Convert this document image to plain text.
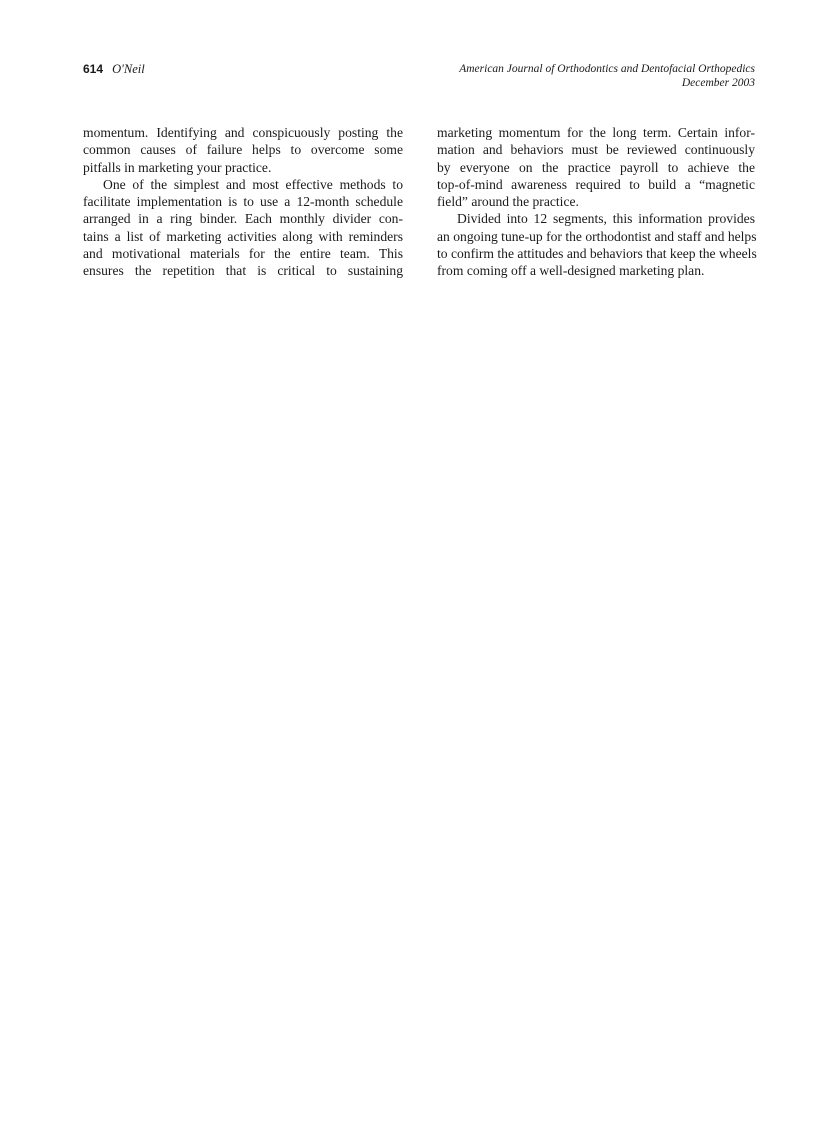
614 O'Neil	American Journal of Orthodontics and Dentofacial Orthopedics
December 2003
momentum. Identifying and conspicuously posting the
common causes of failure helps to overcome some
pitfalls in marketing your practice.
One of the simplest and most effective methods to
facilitate implementation is to use a 12-month schedule
arranged in a ring binder. Each monthly divider con-
tains a list of marketing activities along with reminders
and motivational materials for the entire team. This
ensures the repetition that is critical to sustaining
marketing momentum for the long term. Certain infor-
mation and behaviors must be reviewed continuously
by everyone on the practice payroll to achieve the
top-of-mind awareness required to build a “magnetic
field” around the practice.
Divided into 12 segments, this information provides
an ongoing tune-up for the orthodontist and staff and helps
to confirm the attitudes and behaviors that keep the wheels
from coming off a well-designed marketing plan.
